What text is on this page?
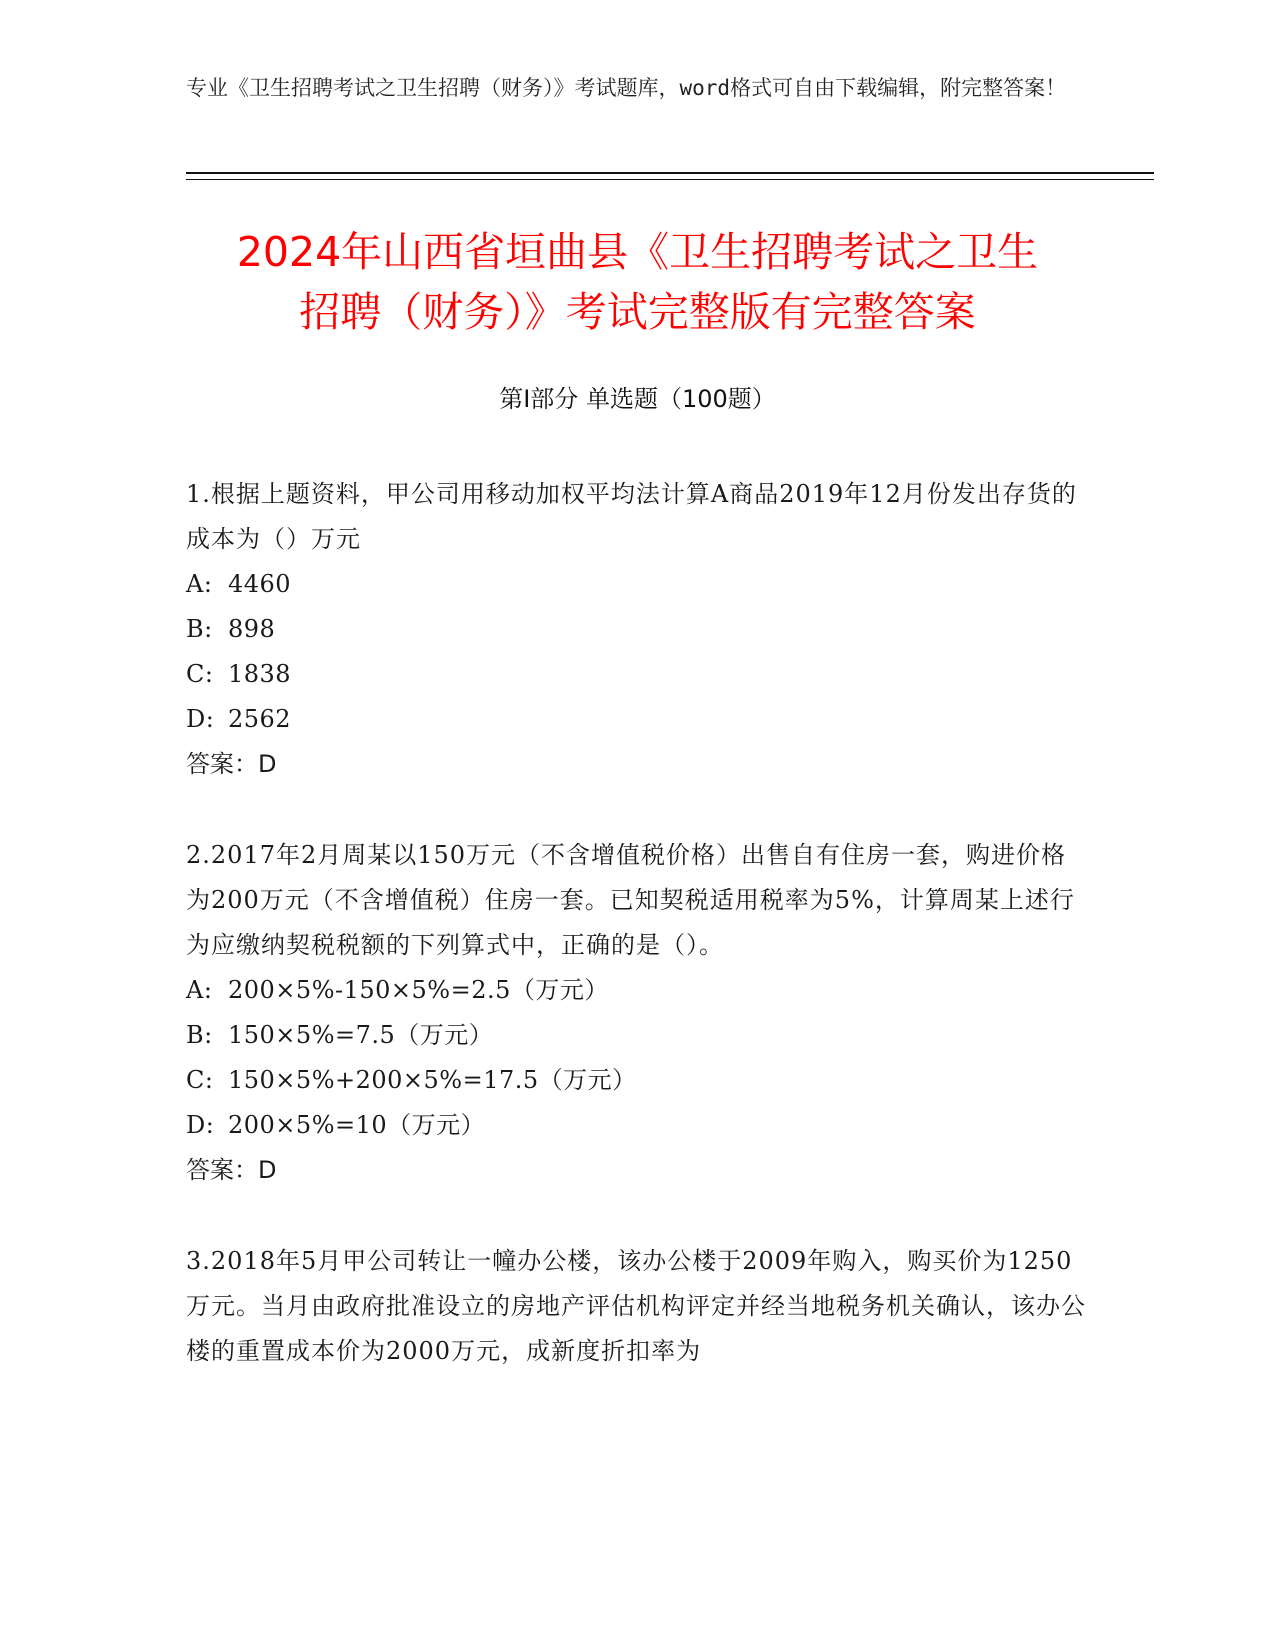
专业《卫生招聘考试之卫生招聘（财务）》考试题库，word格式可自由下载编辑，附完整答案！
2024年山西省垣曲县《卫生招聘考试之卫生
招聘（财务）》考试完整版有完整答案
第Ⅰ部分 单选题（100题）
1.根据上题资料，甲公司用移动加权平均法计算A商品2019年12月份发出存货的成本为（）万元
A: 4460
B: 898
C: 1838
D: 2562
答案：D
2.2017年2月周某以150万元（不含增值税价格）出售自有住房一套，购进价格为200万元（不含增值税）住房一套。已知契税适用税率为5%，计算周某上述行为应缴纳契税税额的下列算式中，正确的是（）。
A: 200×5%-150×5%=2.5（万元）
B: 150×5%=7.5（万元）
C: 150×5%+200×5%=17.5（万元）
D: 200×5%=10（万元）
答案：D
3.2018年5月甲公司转让一幢办公楼，该办公楼于2009年购入，购买价为1250万元。当月由政府批准设立的房地产评估机构评定并经当地税务机关确认，该办公楼的重置成本价为2000万元，成新度折扣率为
